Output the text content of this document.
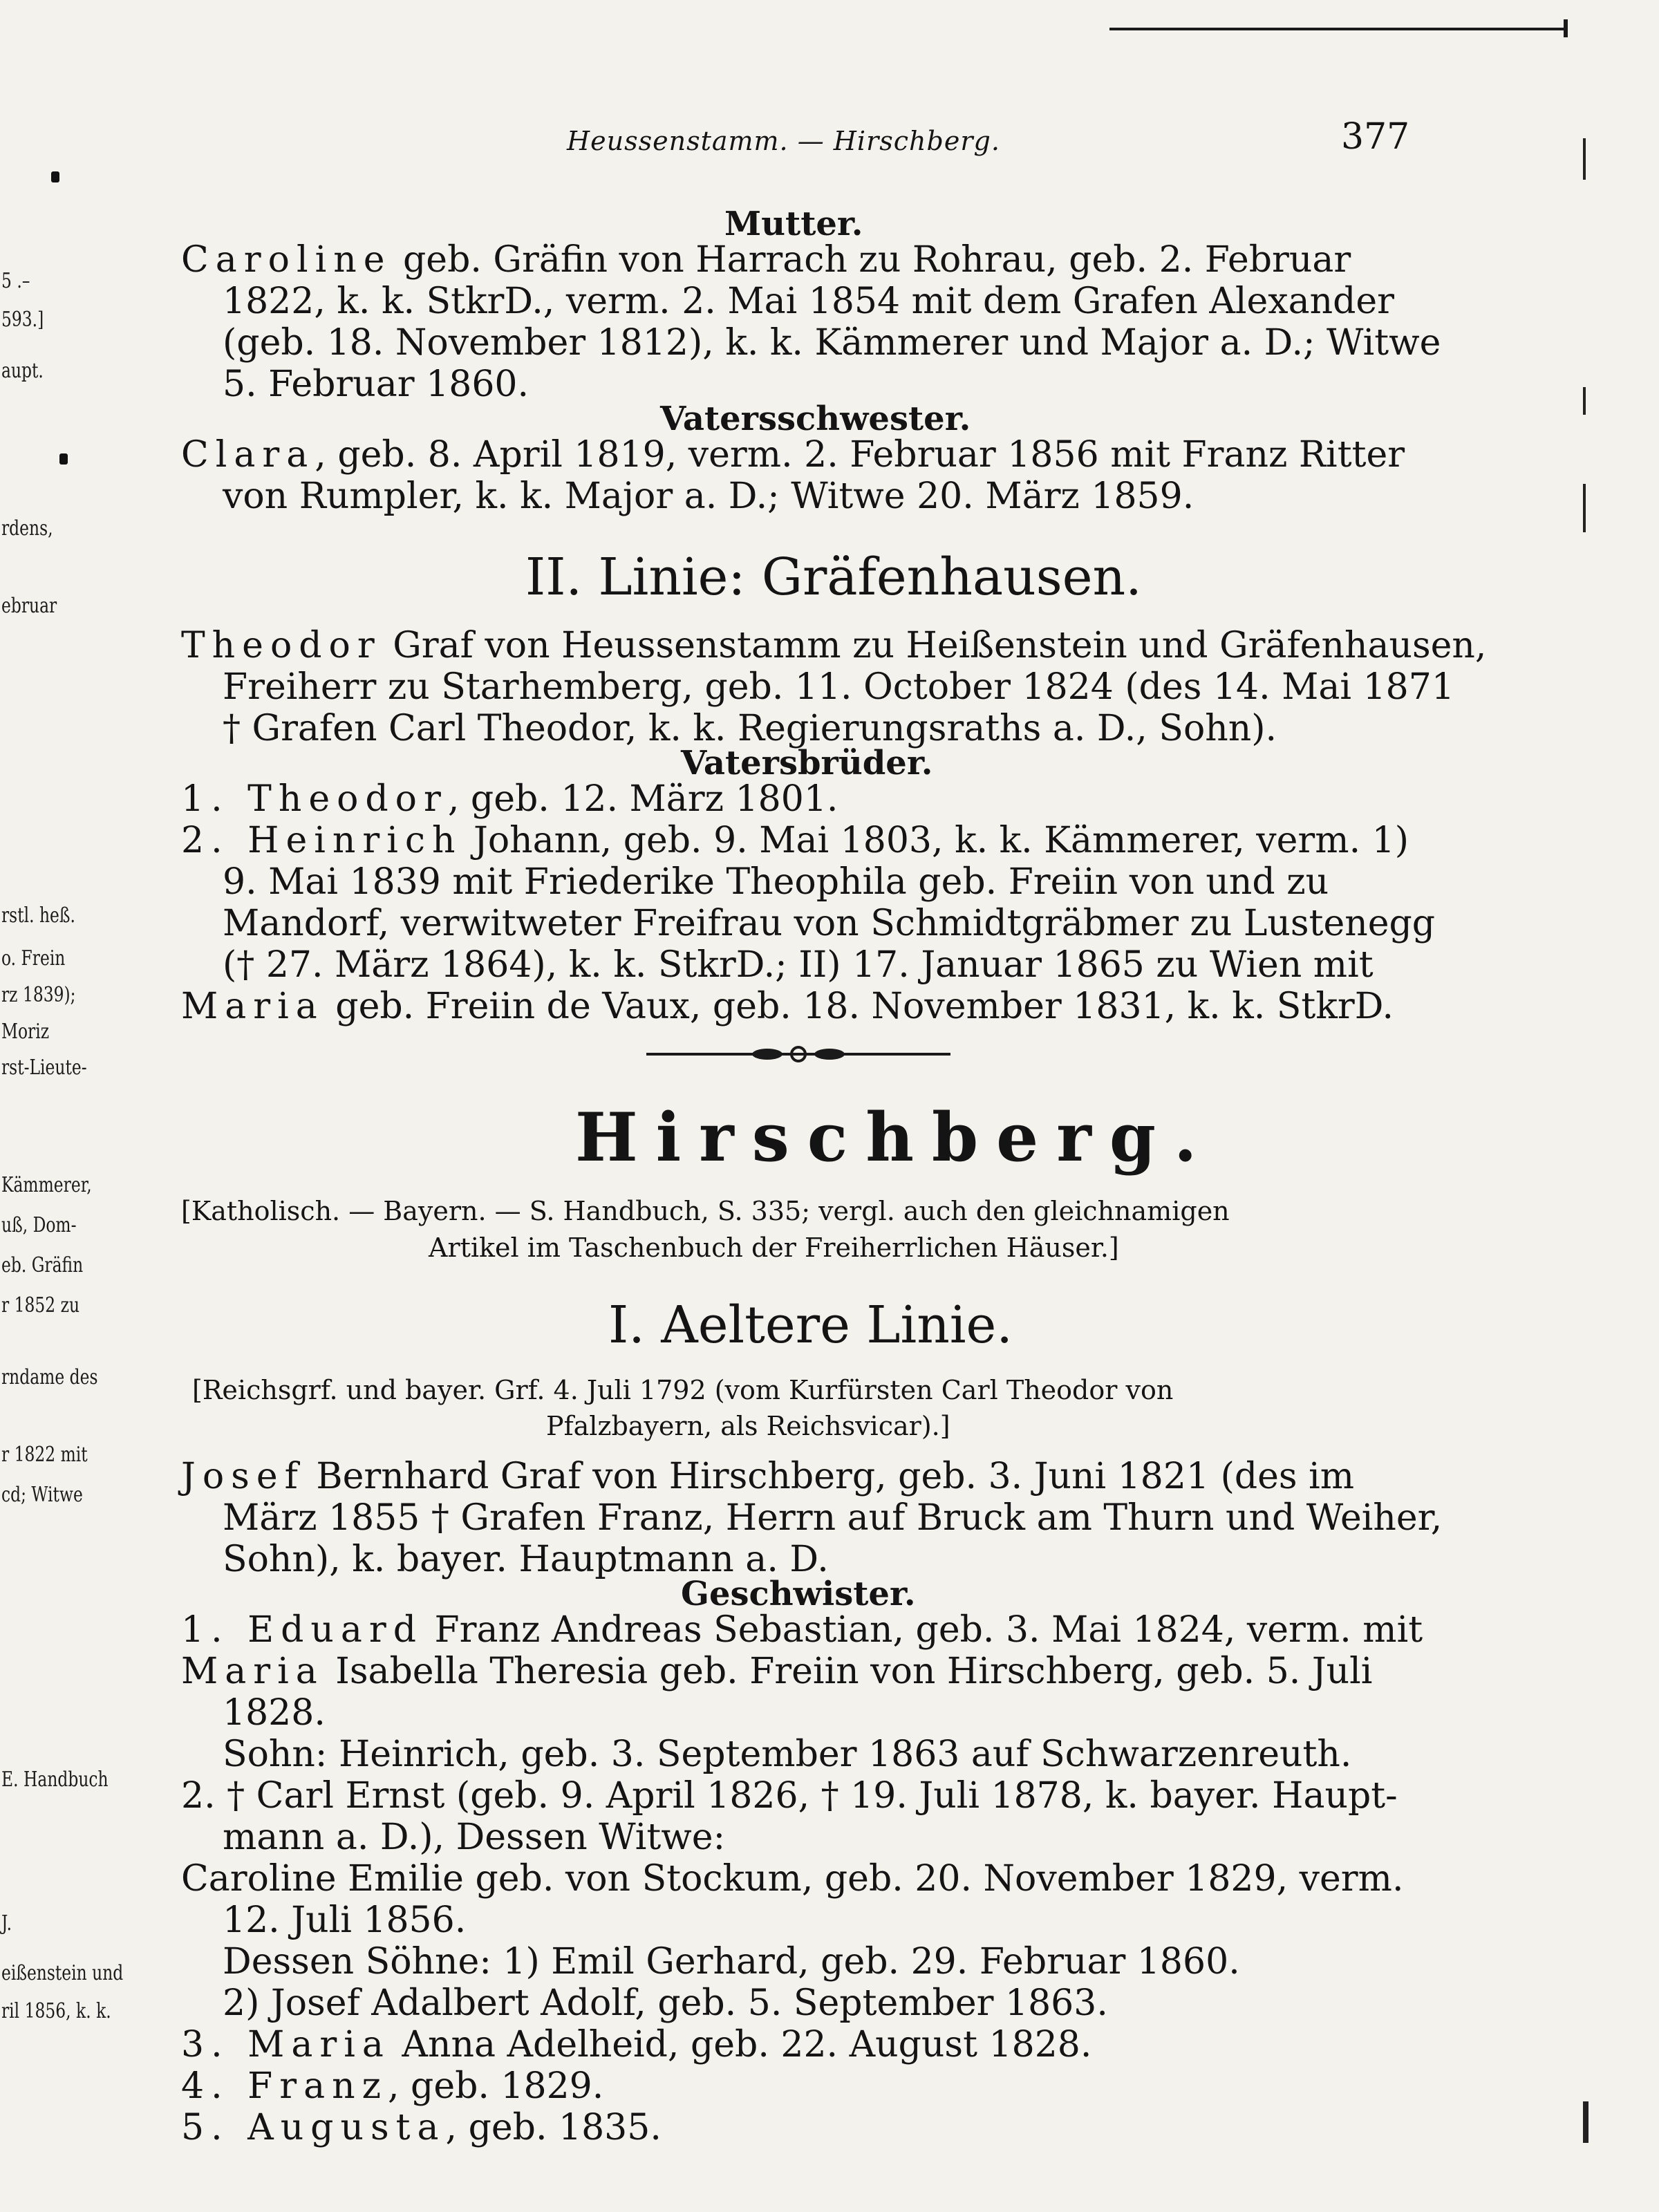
5 .–
593.]
aupt.
rdens,
ebruar
rstl. heß.
o. Frein
rz 1839);
Moriz
rst-Lieute-
Kämmerer,
uß, Dom-
eb. Gräfin
r 1852 zu
rndame des
r 1822 mit
cd; Witwe
E. Handbuch
J.
eißenstein und
ril 1856, k. k.
Heussenstamm. — Hirschberg.	377
Mutter.
Caroline geb. Gräfin von Harrach zu Rohrau, geb. 2. Februar
1822, k. k. StkrD., verm. 2. Mai 1854 mit dem Grafen Alexander
(geb. 18. November 1812), k. k. Kämmerer und Major a. D.; Witwe
5. Februar 1860.
Vatersschwester.
Clara, geb. 8. April 1819, verm. 2. Februar 1856 mit Franz Ritter
von Rumpler, k. k. Major a. D.; Witwe 20. März 1859.
II. Linie: Gräfenhausen.
Theodor Graf von Heussenstamm zu Heißenstein und Gräfenhausen,
Freiherr zu Starhemberg, geb. 11. October 1824 (des 14. Mai 1871
† Grafen Carl Theodor, k. k. Regierungsraths a. D., Sohn).
Vatersbrüder.
1. Theodor, geb. 12. März 1801.
2. Heinrich Johann, geb. 9. Mai 1803, k. k. Kämmerer, verm. 1)
9. Mai 1839 mit Friederike Theophila geb. Freiin von und zu
Mandorf, verwitweter Freifrau von Schmidtgräbmer zu Lustenegg
(† 27. März 1864), k. k. StkrD.; II) 17. Januar 1865 zu Wien mit
Maria geb. Freiin de Vaux, geb. 18. November 1831, k. k. StkrD.
Hirschberg.
[Katholisch. — Bayern. — S. Handbuch, S. 335; vergl. auch den gleichnamigen
Artikel im Taschenbuch der Freiherrlichen Häuser.]
I. Aeltere Linie.
[Reichsgrf. und bayer. Grf. 4. Juli 1792 (vom Kurfürsten Carl Theodor von
Pfalzbayern, als Reichsvicar).]
Josef Bernhard Graf von Hirschberg, geb. 3. Juni 1821 (des im
März 1855 † Grafen Franz, Herrn auf Bruck am Thurn und Weiher,
Sohn), k. bayer. Hauptmann a. D.
Geschwister.
1. Eduard Franz Andreas Sebastian, geb. 3. Mai 1824, verm. mit
Maria Isabella Theresia geb. Freiin von Hirschberg, geb. 5. Juli
1828.
Sohn: Heinrich, geb. 3. September 1863 auf Schwarzenreuth.
2. † Carl Ernst (geb. 9. April 1826, † 19. Juli 1878, k. bayer. Haupt-
mann a. D.), Dessen Witwe:
Caroline Emilie geb. von Stockum, geb. 20. November 1829, verm.
12. Juli 1856.
Dessen Söhne: 1) Emil Gerhard, geb. 29. Februar 1860.
2) Josef Adalbert Adolf, geb. 5. September 1863.
3. Maria Anna Adelheid, geb. 22. August 1828.
4. Franz, geb. 1829.
5. Augusta, geb. 1835.
